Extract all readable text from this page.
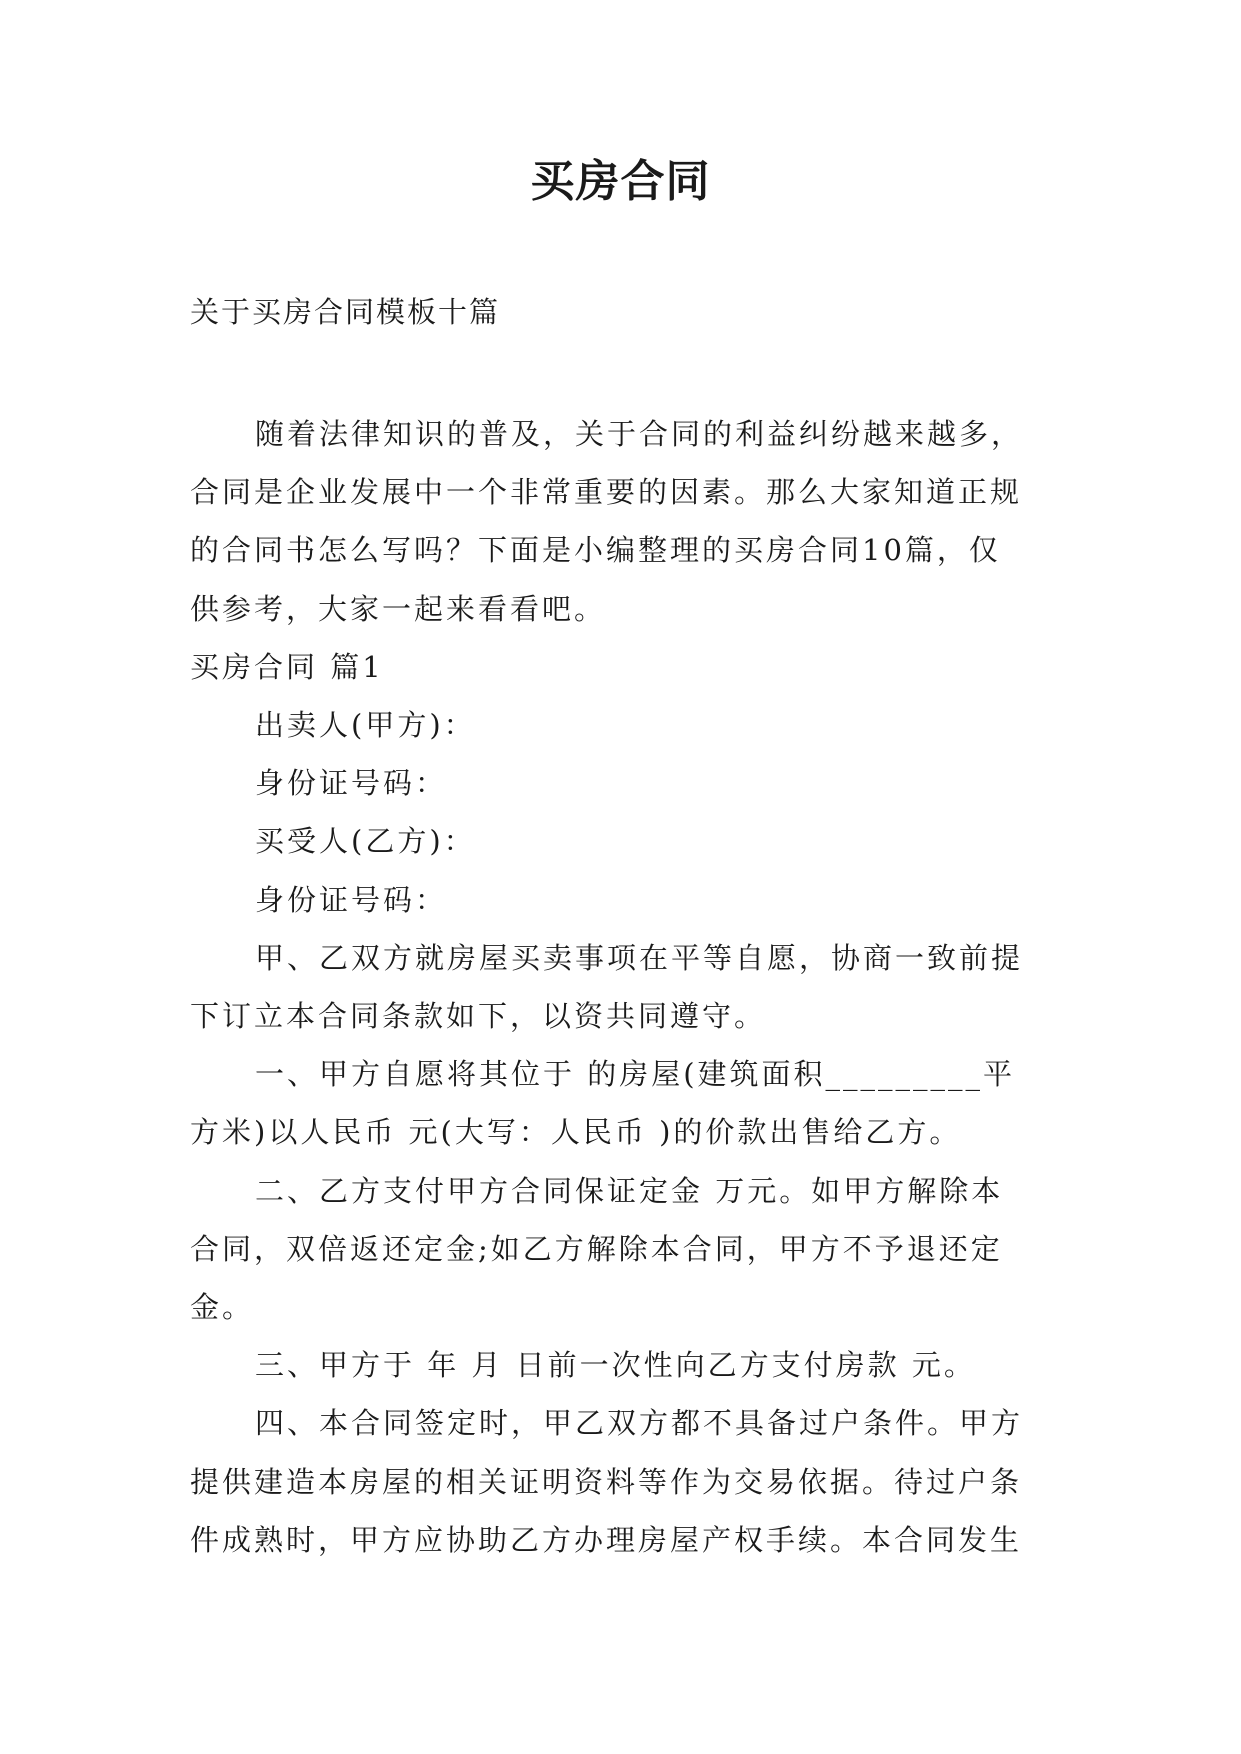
买房合同
关于买房合同模板十篇

随着法律知识的普及，关于合同的利益纠纷越来越多，

合同是企业发展中一个非常重要的因素。那么大家知道正规

的合同书怎么写吗？下面是小编整理的买房合同10篇，仅

供参考，大家一起来看看吧。

买房合同 篇1

出卖人(甲方)：

身份证号码：

买受人(乙方)：

身份证号码：

甲、乙双方就房屋买卖事项在平等自愿，协商一致前提

下订立本合同条款如下，以资共同遵守。

一、甲方自愿将其位于 的房屋(建筑面积_________平

方米)以人民币 元(大写：人民币 )的价款出售给乙方。

二、乙方支付甲方合同保证定金 万元。如甲方解除本

合同，双倍返还定金;如乙方解除本合同，甲方不予退还定

金。

三、甲方于 年 月 日前一次性向乙方支付房款 元。

四、本合同签定时，甲乙双方都不具备过户条件。甲方

提供建造本房屋的相关证明资料等作为交易依据。待过户条

件成熟时，甲方应协助乙方办理房屋产权手续。本合同发生
